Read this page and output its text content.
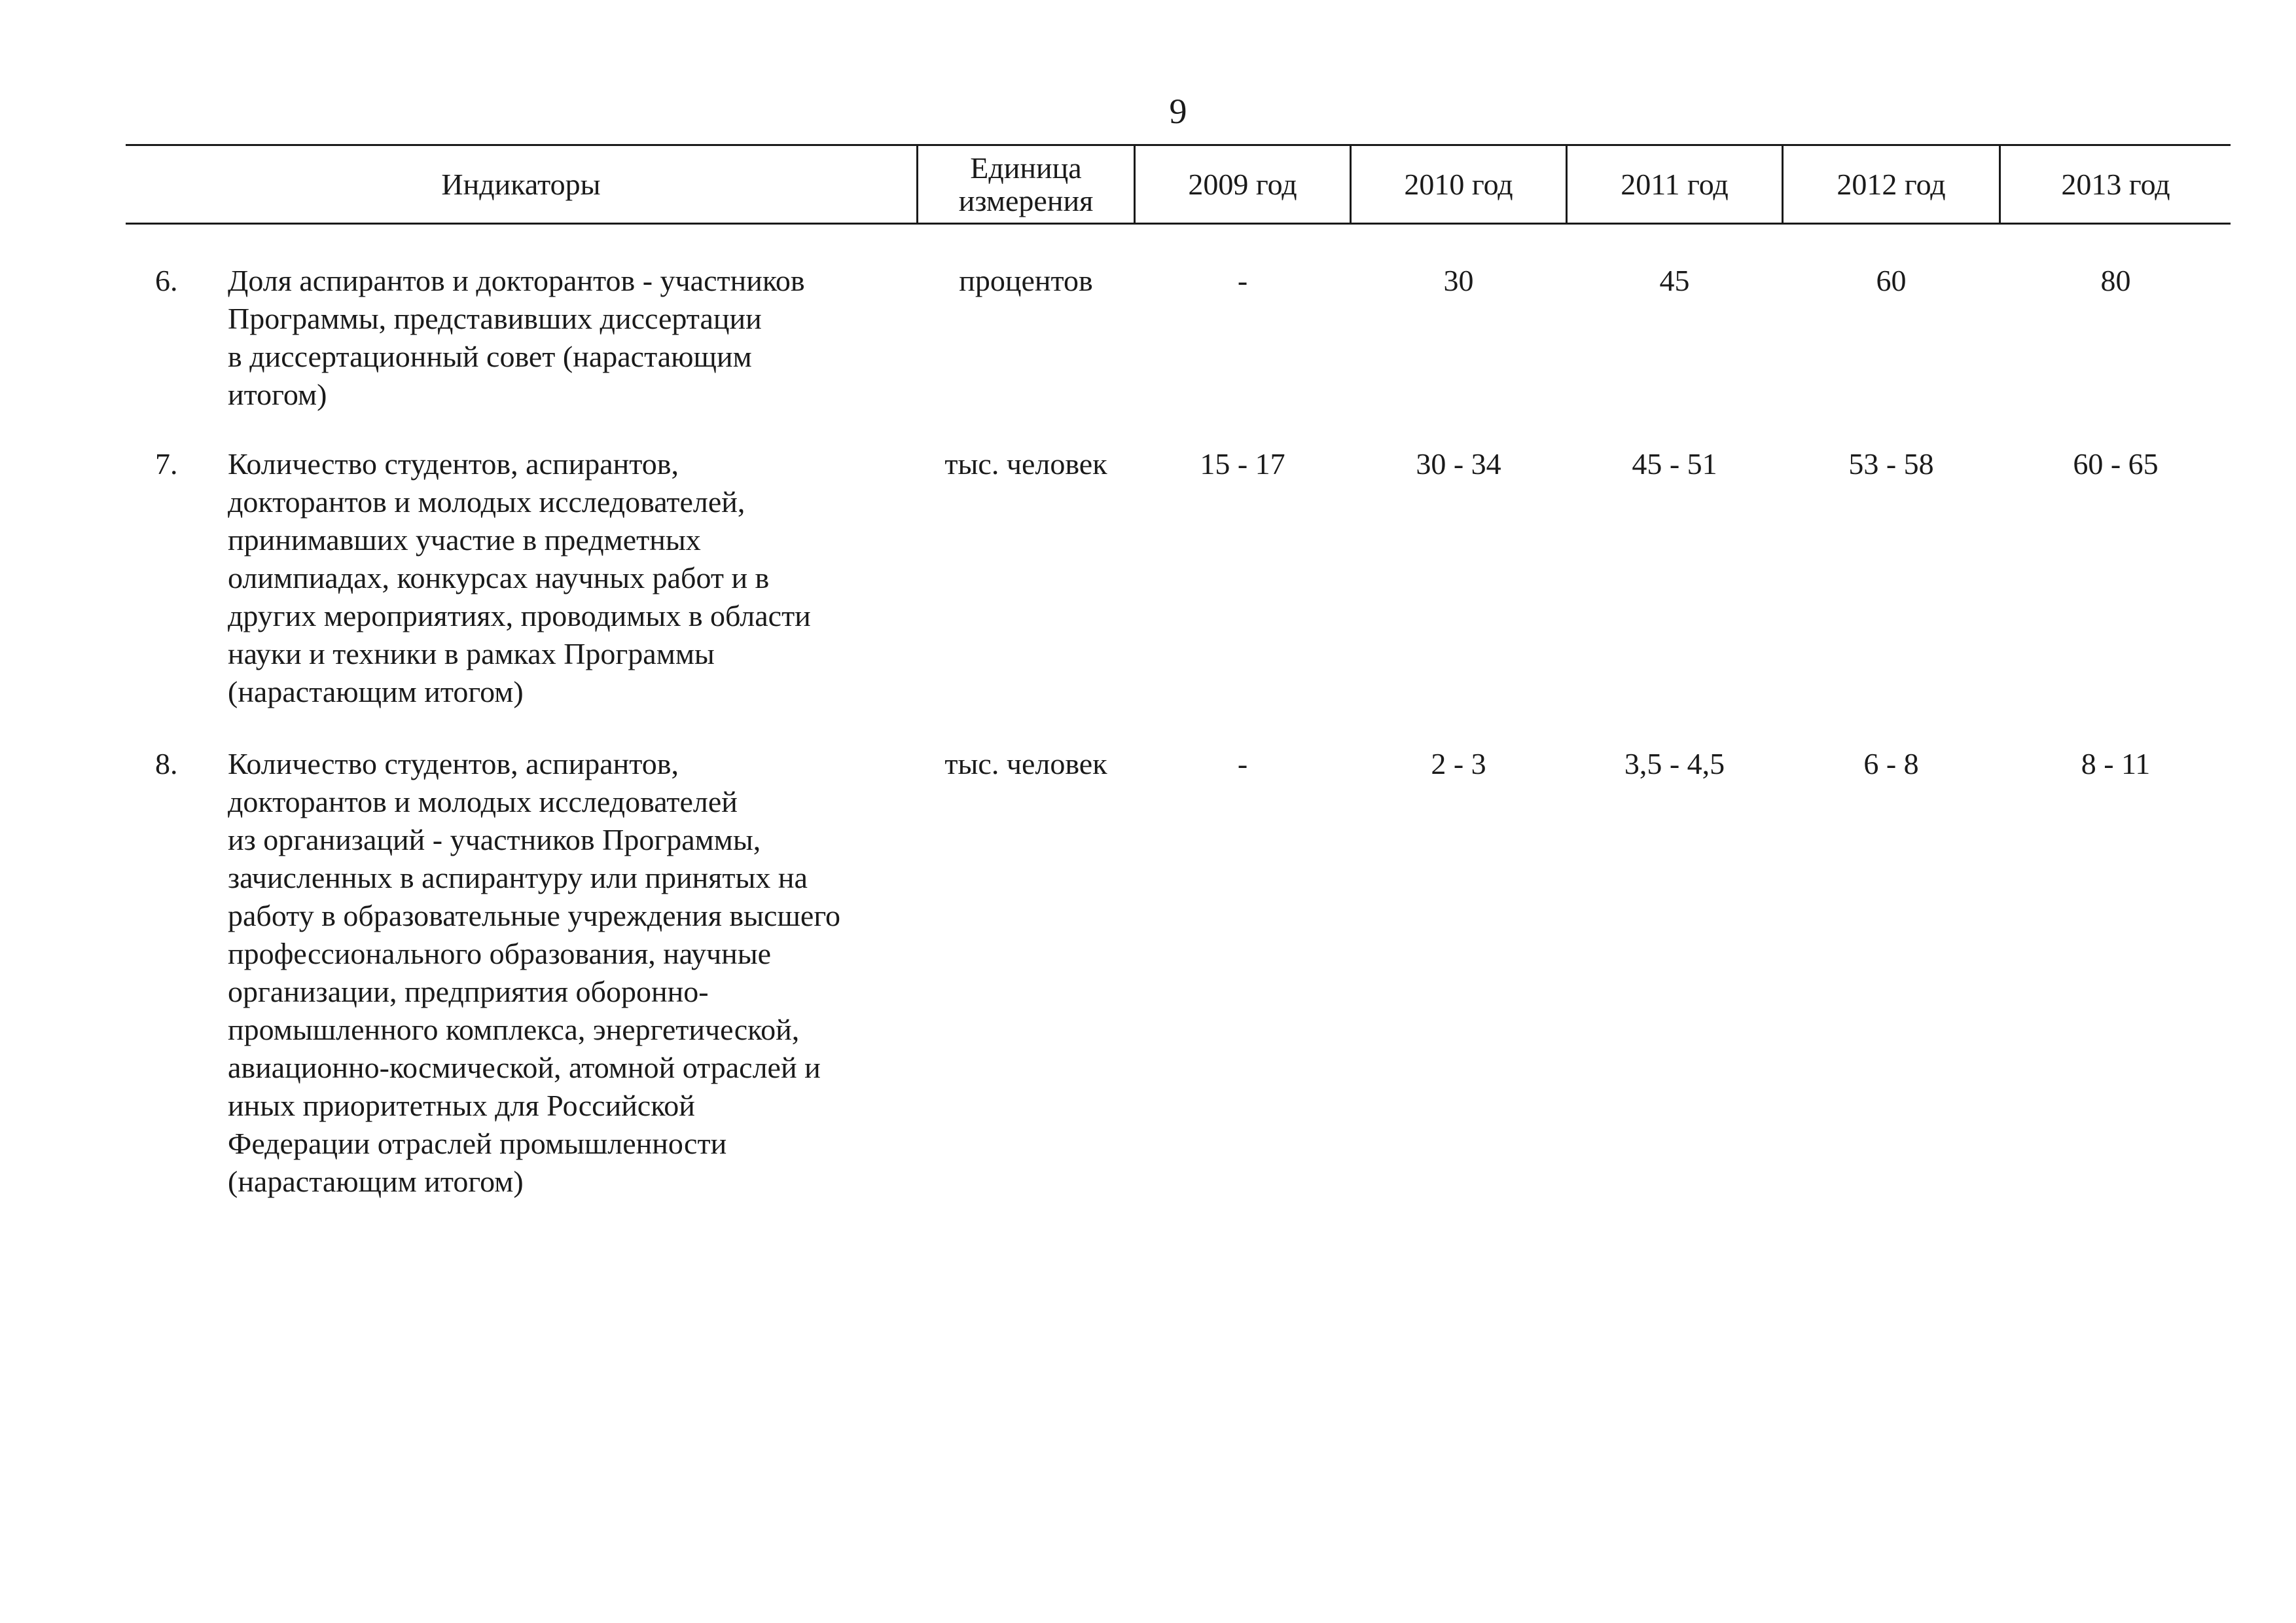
9
Индикаторы	Единица
измерения	2009 год	2010 год	2011 год	2012 год	2013 год
6.	Доля аспирантов и докторантов - участников
Программы, представивших диссертации
в диссертационный совет (нарастающим
итогом)
процентов	-	30	45	60	80
7.	Количество студентов, аспирантов,
докторантов и молодых исследователей,
принимавших участие в предметных
олимпиадах, конкурсах научных работ и в
других мероприятиях, проводимых в области
науки и техники в рамках Программы
(нарастающим итогом)
тыс. человек	15 - 17	30 - 34	45 - 51	53 - 58	60 - 65
8.	Количество студентов, аспирантов,
докторантов и молодых исследователей
из организаций - участников Программы,
зачисленных в аспирантуру или принятых на
работу в образовательные учреждения высшего
профессионального образования, научные
организации, предприятия оборонно-
промышленного комплекса, энергетической,
авиационно-космической, атомной отраслей и
иных приоритетных для Российской
Федерации отраслей промышленности
(нарастающим итогом)
тыс. человек	-	2 - 3	3,5 - 4,5	6 - 8	8 - 11
